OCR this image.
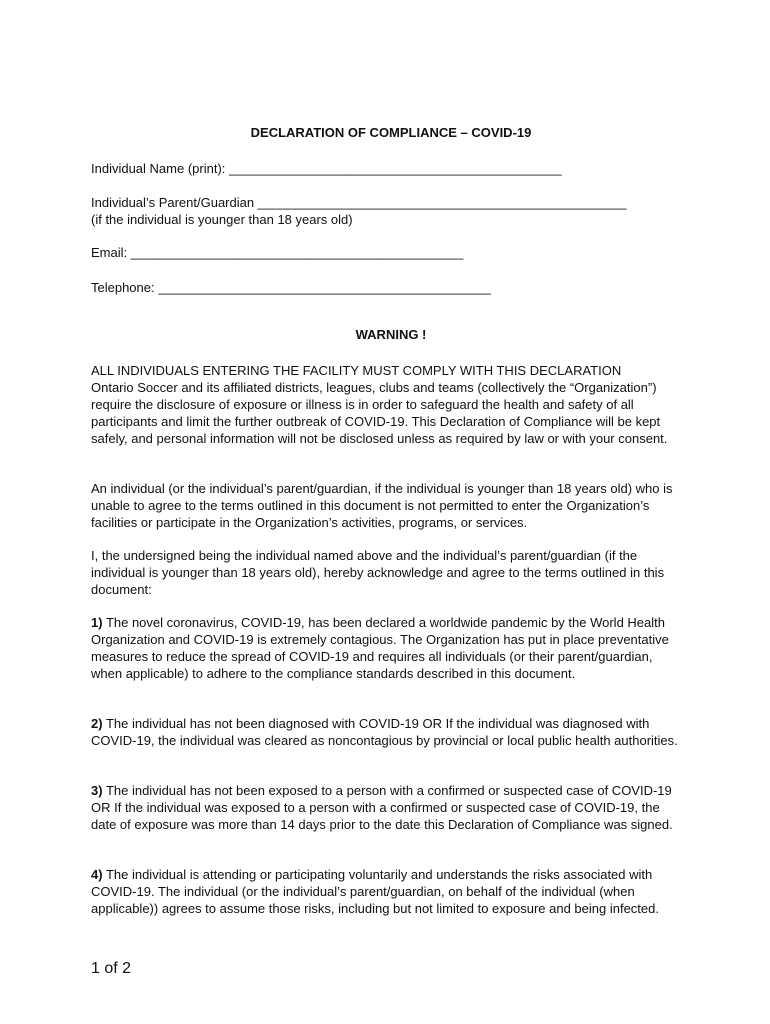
DECLARATION OF COMPLIANCE – COVID-19
Individual Name (print): ______________________________________________
Individual’s Parent/Guardian ___________________________________________________
(if the individual is younger than 18 years old)
Email: ______________________________________________
Telephone: ______________________________________________
WARNING !
ALL INDIVIDUALS ENTERING THE FACILITY MUST COMPLY WITH THIS DECLARATION
Ontario Soccer and its affiliated districts, leagues, clubs and teams (collectively the “Organization”) require the disclosure of exposure or illness is in order to safeguard the health and safety of all participants and limit the further outbreak of COVID-19. This Declaration of Compliance will be kept safely, and personal information will not be disclosed unless as required by law or with your consent.
An individual (or the individual’s parent/guardian, if the individual is younger than 18 years old) who is unable to agree to the terms outlined in this document is not permitted to enter the Organization’s facilities or participate in the Organization’s activities, programs, or services.
I, the undersigned being the individual named above and the individual’s parent/guardian (if the individual is younger than 18 years old), hereby acknowledge and agree to the terms outlined in this document:
1) The novel coronavirus, COVID-19, has been declared a worldwide pandemic by the World Health Organization and COVID-19 is extremely contagious. The Organization has put in place preventative measures to reduce the spread of COVID-19 and requires all individuals (or their parent/guardian, when applicable) to adhere to the compliance standards described in this document.
2) The individual has not been diagnosed with COVID-19 OR If the individual was diagnosed with COVID-19, the individual was cleared as noncontagious by provincial or local public health authorities.
3) The individual has not been exposed to a person with a confirmed or suspected case of COVID-19 OR If the individual was exposed to a person with a confirmed or suspected case of COVID-19, the date of exposure was more than 14 days prior to the date this Declaration of Compliance was signed.
4) The individual is attending or participating voluntarily and understands the risks associated with COVID-19. The individual (or the individual’s parent/guardian, on behalf of the individual (when applicable)) agrees to assume those risks, including but not limited to exposure and being infected.
1 of 2
